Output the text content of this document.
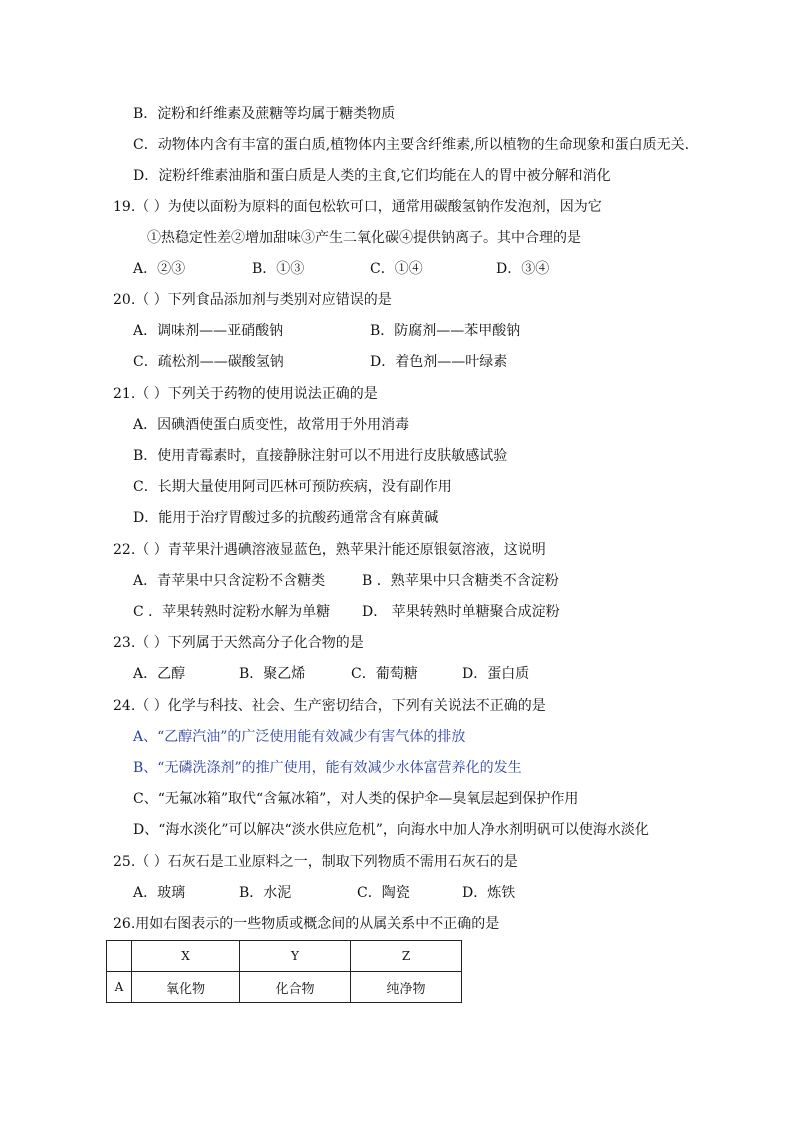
B．淀粉和纤维素及蔗糖等均属于糖类物质
C．动物体内含有丰富的蛋白质,植物体内主要含纤维素,所以植物的生命现象和蛋白质无关.
D．淀粉纤维素油脂和蛋白质是人类的主食,它们均能在人的胃中被分解和消化
19.（ ）为使以面粉为原料的面包松软可口，通常用碳酸氢钠作发泡剂，因为它
①热稳定性差②增加甜味③产生二氧化碳④提供钠离子。其中合理的是
A．②③	B．①③	C．①④	D．③④
20.（ ）下列食品添加剂与类别对应错误的是
A．调味剂——亚硝酸钠	B．防腐剂——苯甲酸钠
C．疏松剂——碳酸氢钠	D．着色剂——叶绿素
21.（ ）下列关于药物的使用说法正确的是
A．因碘酒使蛋白质变性，故常用于外用消毒
B．使用青霉素时，直接静脉注射可以不用进行皮肤敏感试验
C．长期大量使用阿司匹林可预防疾病，没有副作用
D．能用于治疗胃酸过多的抗酸药通常含有麻黄碱
22.（ ）青苹果汁遇碘溶液显蓝色，熟苹果汁能还原银氨溶液，这说明
A．青苹果中只含淀粉不含糖类	B ．熟苹果中只含糖类不含淀粉
C ．苹果转熟时淀粉水解为单糖 D． 苹果转熟时单糖聚合成淀粉
23.（ ）下列属于天然高分子化合物的是
A．乙醇	B．聚乙烯	C．葡萄糖	D．蛋白质
24.（ ）化学与科技、社会、生产密切结合，下列有关说法不正确的是
A、“乙醇汽油”的广泛使用能有效减少有害气体的排放
B、“无磷洗涤剂”的推广使用，能有效减少水体富营养化的发生
C、“无氟冰箱”取代“含氟冰箱”，对人类的保护伞—臭氧层起到保护作用
D、“海水淡化”可以解决“淡水供应危机”，向海水中加人净水剂明矾可以使海水淡化
25.（ ）石灰石是工业原料之一，制取下列物质不需用石灰石的是
A．玻璃	B．水泥	C．陶瓷	D．炼铁
26.用如右图表示的一些物质或概念间的从属关系中不正确的是
	X	Y	Z
A	氧化物	化合物	纯净物
